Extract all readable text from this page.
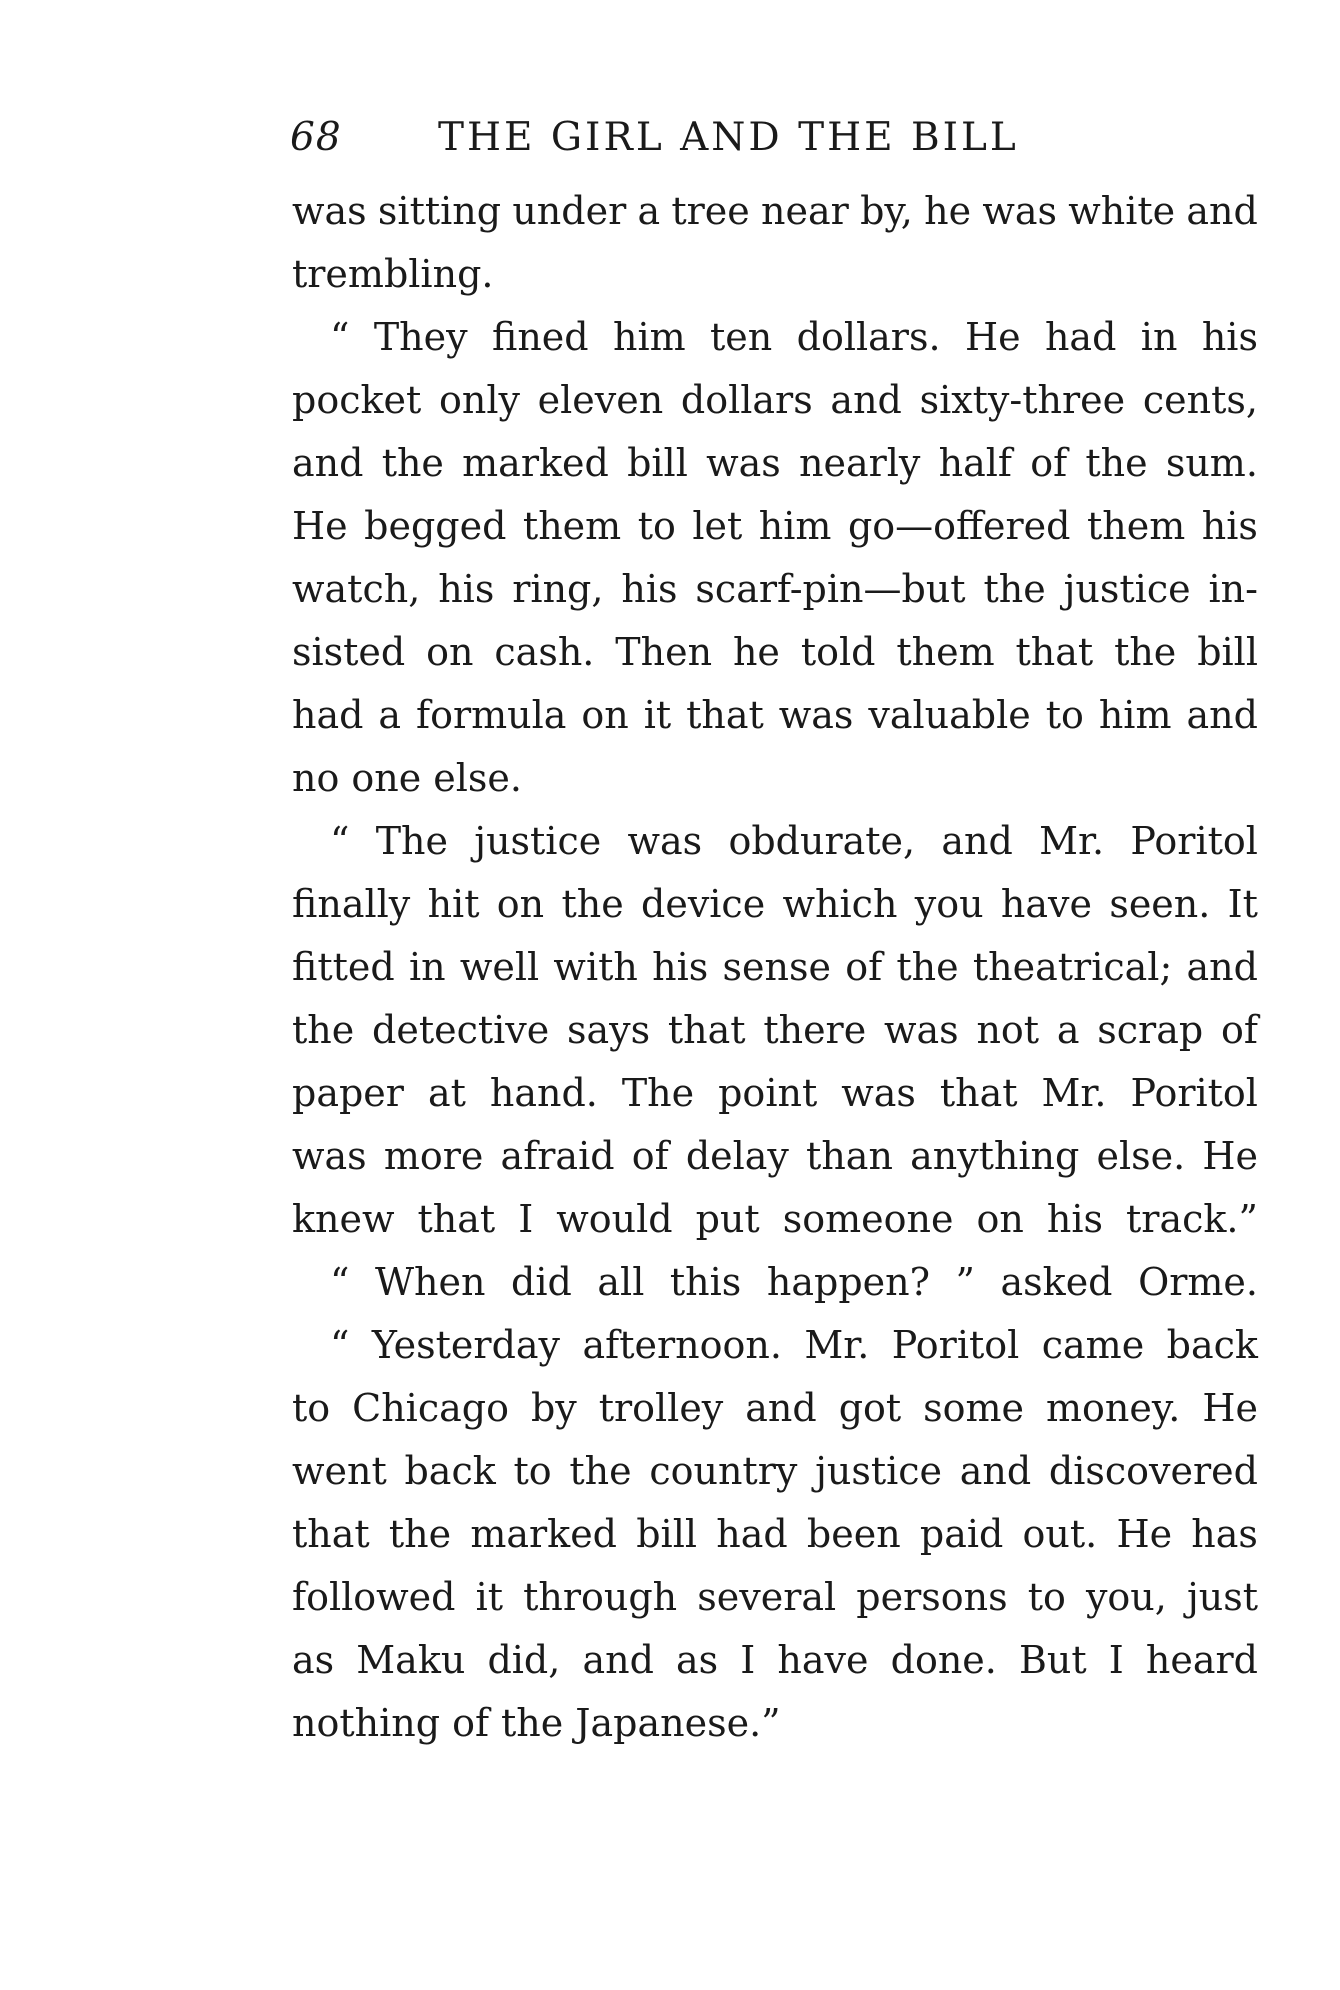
68 THE GIRL AND THE BILL
was sitting under a tree near by, he was white and
trembling.
“ They fined him ten dollars. He had in his
pocket only eleven dollars and sixty-three cents,
and the marked bill was nearly half of the sum.
He begged them to let him go—offered them his
watch, his ring, his scarf-pin—but the justice in-
sisted on cash. Then he told them that the bill
had a formula on it that was valuable to him and
no one else.
“ The justice was obdurate, and Mr. Poritol
finally hit on the device which you have seen. It
fitted in well with his sense of the theatrical; and
the detective says that there was not a scrap of
paper at hand. The point was that Mr. Poritol
was more afraid of delay than anything else. He
knew that I would put someone on his track.”
“ When did all this happen? ” asked Orme.
“ Yesterday afternoon. Mr. Poritol came back
to Chicago by trolley and got some money. He
went back to the country justice and discovered
that the marked bill had been paid out. He has
followed it through several persons to you, just
as Maku did, and as I have done. But I heard
nothing of the Japanese.”
